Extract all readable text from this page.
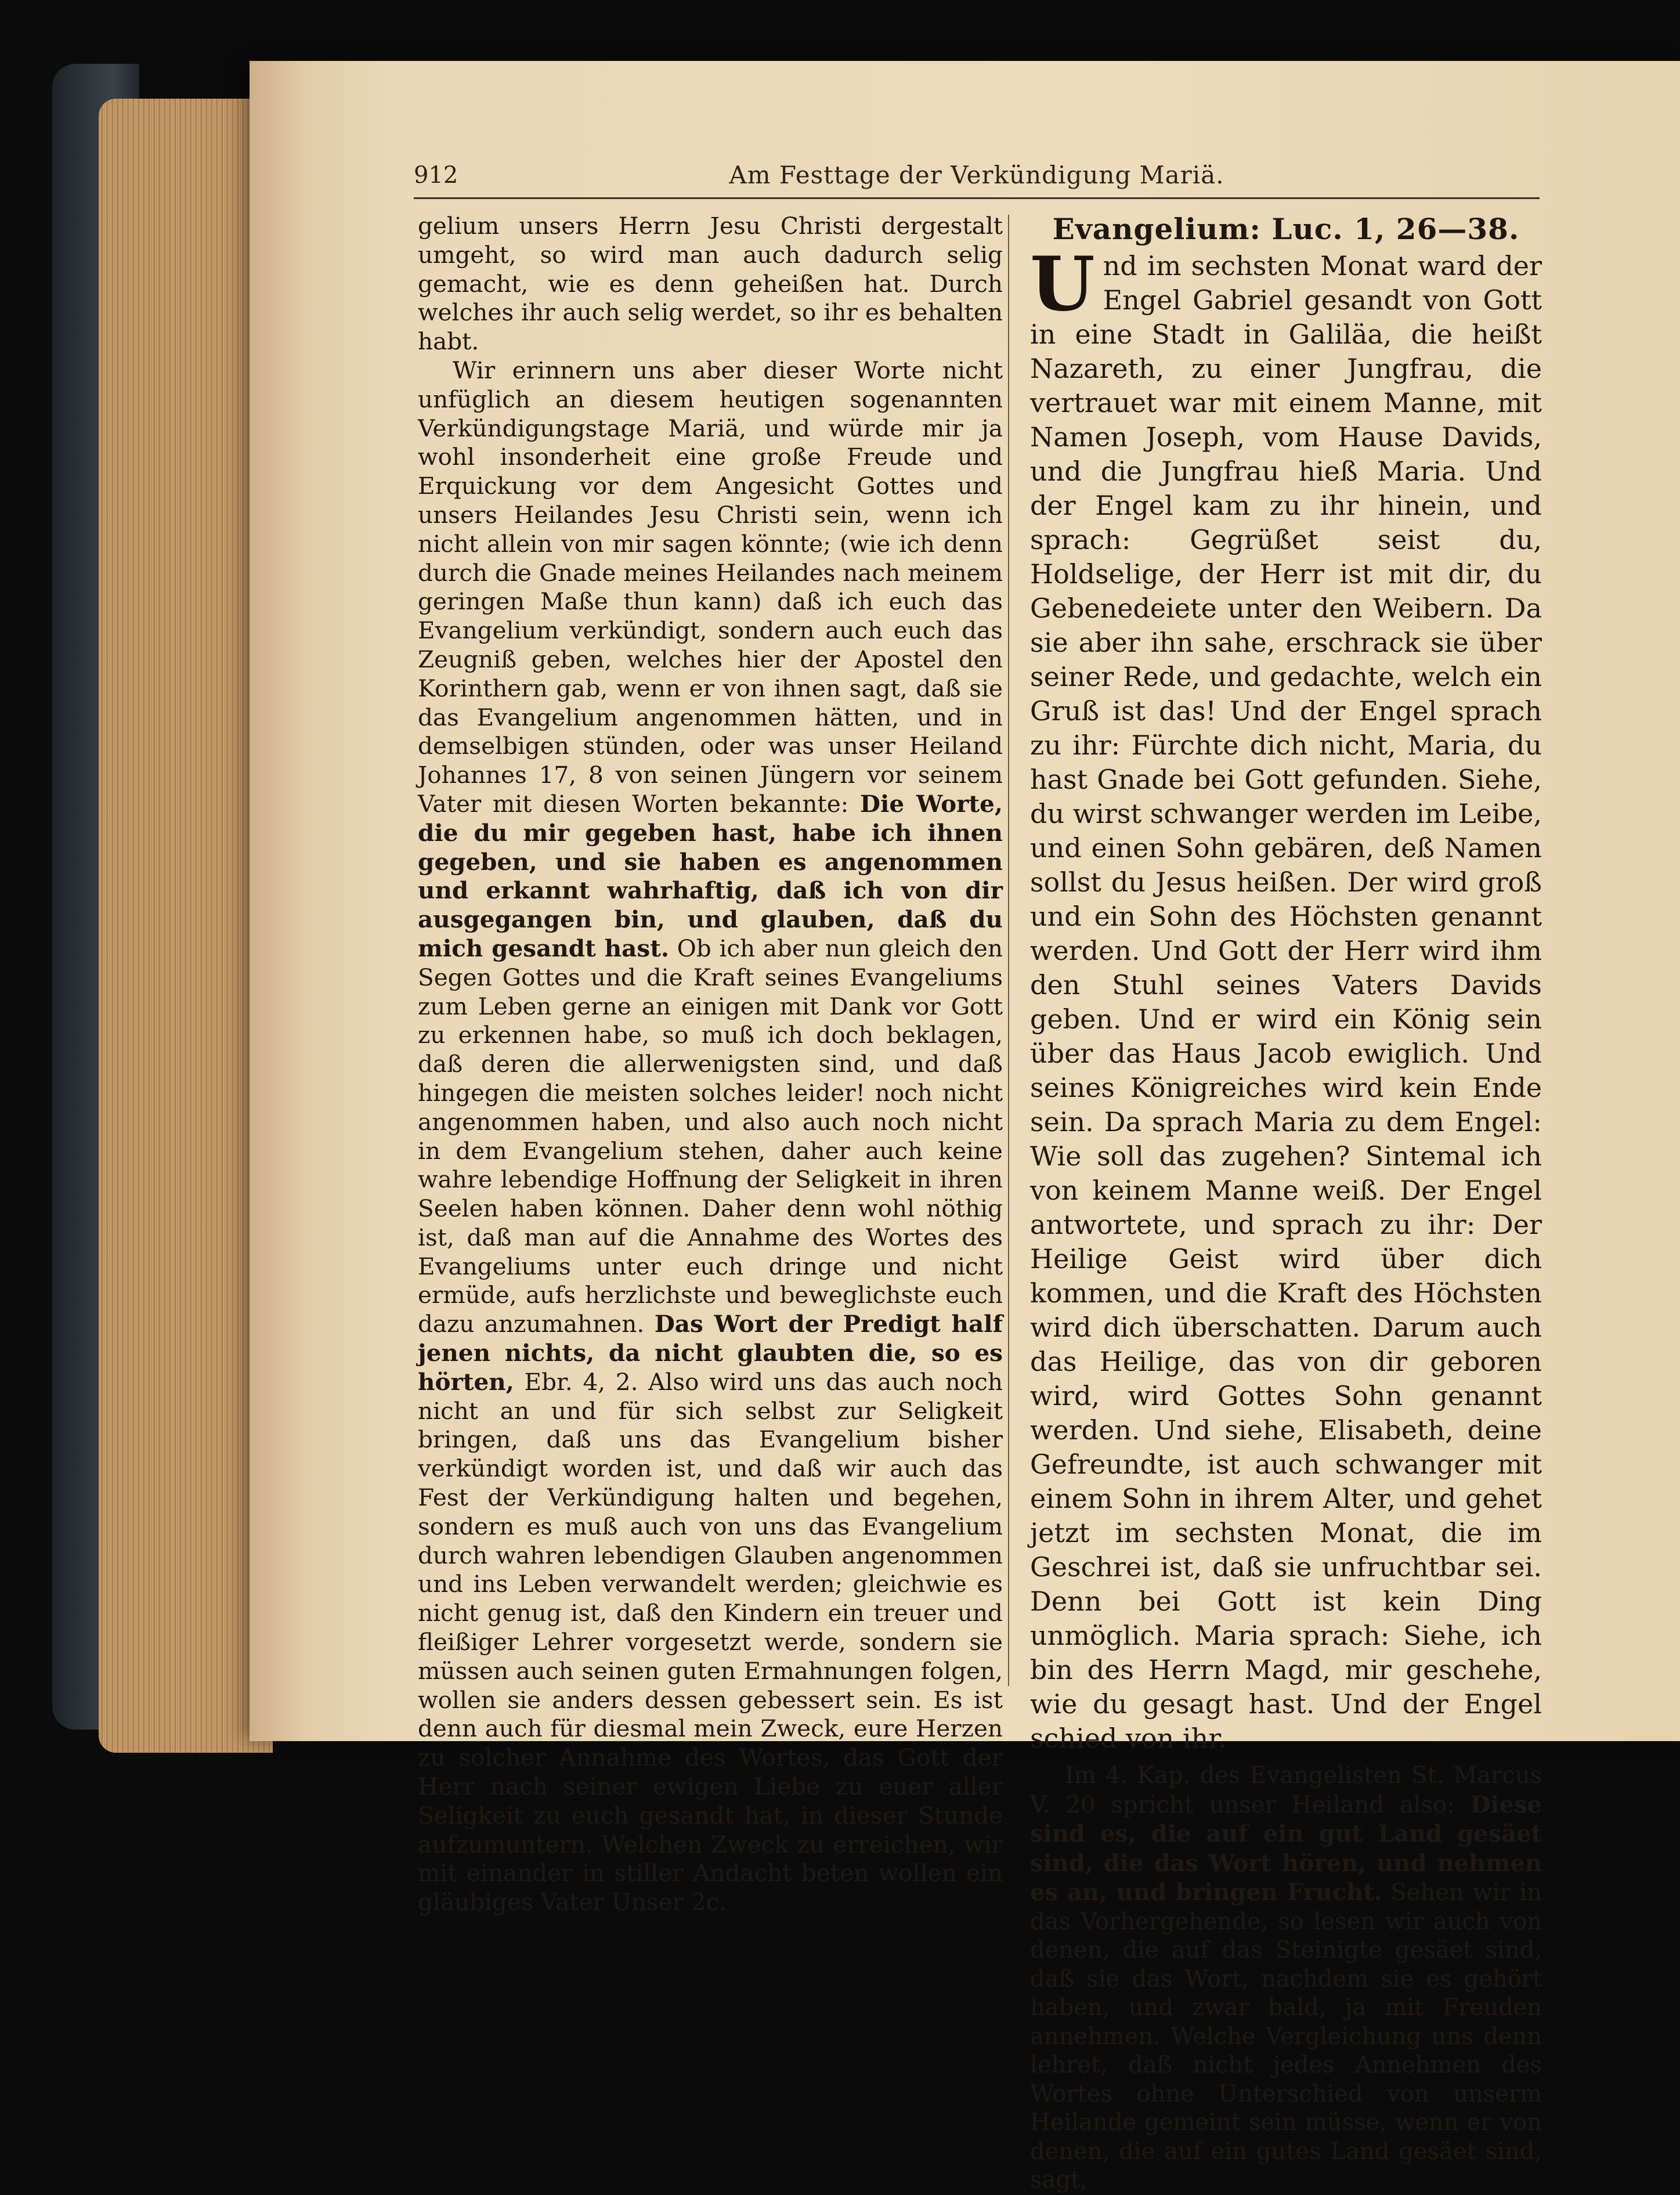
912	Am Festtage der Verkündigung Mariä.

gelium unsers Herrn Jesu Christi dergestalt umgeht, so wird man auch dadurch selig gemacht, wie es denn geheißen hat. Durch welches ihr auch selig werdet, so ihr es behalten habt.

Wir erinnern uns aber dieser Worte nicht unfüglich an diesem heutigen sogenannten Verkündigungstage Mariä, und würde mir ja wohl insonderheit eine große Freude und Erquickung vor dem Angesicht Gottes und unsers Heilandes Jesu Christi sein, wenn ich nicht allein von mir sagen könnte; (wie ich denn durch die Gnade meines Heilandes nach meinem geringen Maße thun kann) daß ich euch das Evangelium verkündigt, sondern auch euch das Zeugniß geben, welches hier der Apostel den Korinthern gab, wenn er von ihnen sagt, daß sie das Evangelium angenommen hätten, und in demselbigen stünden, oder was unser Heiland Johannes 17, 8 von seinen Jüngern vor seinem Vater mit diesen Worten bekannte: Die Worte, die du mir gegeben hast, habe ich ihnen gegeben, und sie haben es angenommen und erkannt wahrhaftig, daß ich von dir ausgegangen bin, und glauben, daß du mich gesandt hast. Ob ich aber nun gleich den Segen Gottes und die Kraft seines Evangeliums zum Leben gerne an einigen mit Dank vor Gott zu erkennen habe, so muß ich doch beklagen, daß deren die allerwenigsten sind, und daß hingegen die meisten solches leider! noch nicht angenommen haben, und also auch noch nicht in dem Evangelium stehen, daher auch keine wahre lebendige Hoffnung der Seligkeit in ihren Seelen haben können. Daher denn wohl nöthig ist, daß man auf die Annahme des Wortes des Evangeliums unter euch dringe und nicht ermüde, aufs herzlichste und beweglichste euch dazu anzumahnen. Das Wort der Predigt half jenen nichts, da nicht glaubten die, so es hörten, Ebr. 4, 2. Also wird uns das auch noch nicht an und für sich selbst zur Seligkeit bringen, daß uns das Evangelium bisher verkündigt worden ist, und daß wir auch das Fest der Verkündigung halten und begehen, sondern es muß auch von uns das Evangelium durch wahren lebendigen Glauben angenommen und ins Leben verwandelt werden; gleichwie es nicht genug ist, daß den Kindern ein treuer und fleißiger Lehrer vorgesetzt werde, sondern sie müssen auch seinen guten Ermahnungen folgen, wollen sie anders dessen gebessert sein. Es ist denn auch für diesmal mein Zweck, eure Herzen zu solcher Annahme des Wortes, das Gott der Herr nach seiner ewigen Liebe zu euer aller Seligkeit zu euch gesandt hat, in dieser Stunde aufzumuntern. Welchen Zweck zu erreichen, wir mit einander in stiller Andacht beten wollen ein gläubiges Vater Unser 2c.

Evangelium: Luc. 1, 26—38.

Und im sechsten Monat ward der Engel Gabriel gesandt von Gott in eine Stadt in Galiläa, die heißt Nazareth, zu einer Jungfrau, die vertrauet war mit einem Manne, mit Namen Joseph, vom Hause Davids, und die Jungfrau hieß Maria. Und der Engel kam zu ihr hinein, und sprach: Gegrüßet seist du, Holdselige, der Herr ist mit dir, du Gebenedeiete unter den Weibern. Da sie aber ihn sahe, erschrack sie über seiner Rede, und gedachte, welch ein Gruß ist das! Und der Engel sprach zu ihr: Fürchte dich nicht, Maria, du hast Gnade bei Gott gefunden. Siehe, du wirst schwanger werden im Leibe, und einen Sohn gebären, deß Namen sollst du Jesus heißen. Der wird groß und ein Sohn des Höchsten genannt werden. Und Gott der Herr wird ihm den Stuhl seines Vaters Davids geben. Und er wird ein König sein über das Haus Jacob ewiglich. Und seines Königreiches wird kein Ende sein. Da sprach Maria zu dem Engel: Wie soll das zugehen? Sintemal ich von keinem Manne weiß. Der Engel antwortete, und sprach zu ihr: Der Heilige Geist wird über dich kommen, und die Kraft des Höchsten wird dich überschatten. Darum auch das Heilige, das von dir geboren wird, wird Gottes Sohn genannt werden. Und siehe, Elisabeth, deine Gefreundte, ist auch schwanger mit einem Sohn in ihrem Alter, und gehet jetzt im sechsten Monat, die im Geschrei ist, daß sie unfruchtbar sei. Denn bei Gott ist kein Ding unmöglich. Maria sprach: Siehe, ich bin des Herrn Magd, mir geschehe, wie du gesagt hast. Und der Engel schied von ihr.

Im 4. Kap. des Evangelisten St. Marcus V. 20 spricht unser Heiland also: Diese sind es, die auf ein gut Land gesäet sind, die das Wort hören, und nehmen es an, und bringen Frucht. Sehen wir in das Vorhergehende, so lesen wir auch von denen, die auf das Steinigte gesäet sind, daß sie das Wort, nachdem sie es gehört haben, und zwar bald, ja mit Freuden annehmen. Welche Vergleichung uns denn lehret, daß nicht jedes Annehmen des Wortes ohne Unterschied von unserm Heilande gemeint sein müsse, wenn er von denen, die auf ein gutes Land gesäet sind, sagt,
